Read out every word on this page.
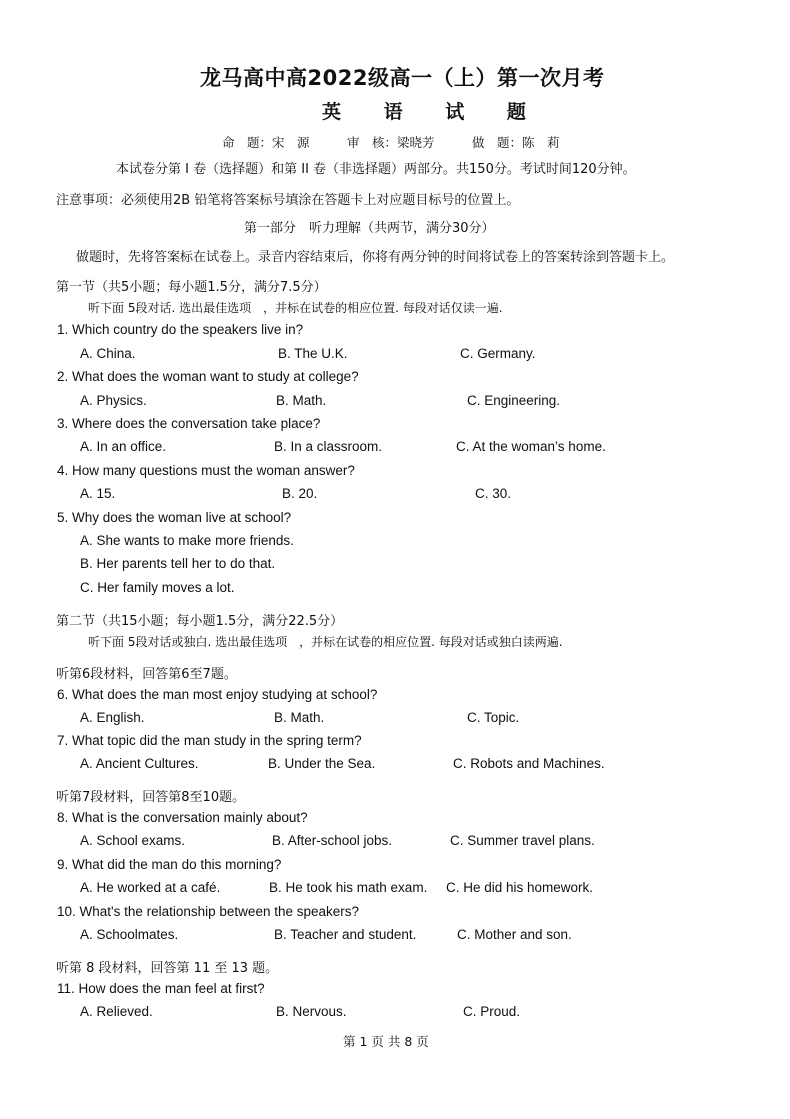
龙马高中高2022级高一（上）第一次月考
英 语 试 题
命　题：宋　源　　　审　核：梁晓芳　　　做　题：陈　莉
本试卷分第 I 卷（选择题）和第 II 卷（非选择题）两部分。共150分。考试时间120分钟。
注意事项：必须使用2B 铅笔将答案标号填涂在答题卡上对应题目标号的位置上。
第一部分　听力理解（共两节，满分30分）
做题时，先将答案标在试卷上。录音内容结束后，你将有两分钟的时间将试卷上的答案转涂到答题卡上。
第一节（共5小题；每小题1.5分，满分7.5分）
听下面 5段对话. 选出最佳选项　，并标在试卷的相应位置. 每段对话仅读一遍.
1. Which country do the speakers live in?
A. China.	B. The U.K.	C. Germany.
2. What does the woman want to study at college?
A. Physics.	B. Math.	C. Engineering.
3. Where does the conversation take place?
A. In an office.	B. In a classroom.	C. At the woman’s home.
4. How many questions must the woman answer?
A. 15.	B. 20.	C. 30.
5. Why does the woman live at school?
A. She wants to make more friends.
B. Her parents tell her to do that.
C. Her family moves a lot.
第二节（共15小题；每小题1.5分，满分22.5分）
听下面 5段对话或独白. 选出最佳选项　，并标在试卷的相应位置. 每段对话或独白读两遍.
听第6段材料，回答第6至7题。
6. What does the man most enjoy studying at school?
A. English.	B. Math.	C. Topic.
7. What topic did the man study in the spring term?
A. Ancient Cultures.	B. Under the Sea.	C. Robots and Machines.
听第7段材料，回答第8至10题。
8. What is the conversation mainly about?
A. School exams.	B. After-school jobs.	C. Summer travel plans.
9. What did the man do this morning?
A. He worked at a café.	B. He took his math exam. C. He did his homework.
10. What's the relationship between the speakers?
A. Schoolmates.	B. Teacher and student.	C. Mother and son.
听第 8 段材料，回答第 11 至 13 题。
11. How does the man feel at first?
A. Relieved.	B. Nervous.	C. Proud.
第 1 页 共 8 页
